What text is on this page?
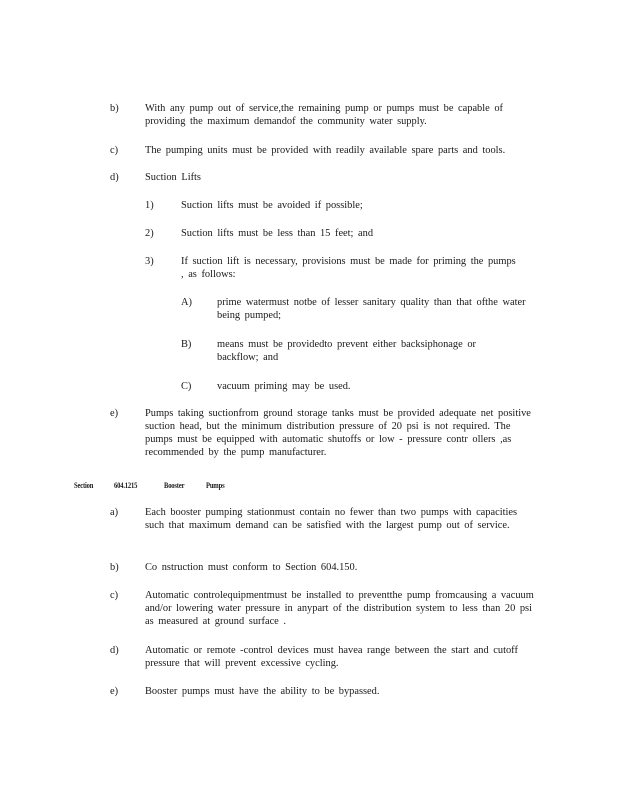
b)	With any pump out of service,the remaining pump or pumps must be capable of providing the maximum demandof the community water supply.
c)	The pumping units must be provided with readily available spare parts and tools.
d)	Suction Lifts
1)	Suction lifts must be avoided if possible;
2)	Suction lifts must be less than 15 feet; and
3)	If suction lift is necessary, provisions must be made for priming the pumps , as follows:
A) prime watermust notbe of lesser sanitary quality than that ofthe water being pumped;
B) means must be providedto prevent either backsiphonage or backflow; and
C) vacuum priming may be used.
e)	Pumps taking suctionfrom ground storage tanks must be provided adequate net positive suction head, but the minimum distribution pressure of 20 psi is not required. The pumps must be equipped with automatic shutoffs or low - pressure contr ollers ,as recommended by the pump manufacturer.
Section 604.1215	Booster	Pumps
a)	Each booster pumping stationmust contain no fewer than two pumps with capacities such that maximum demand can be satisfied with the largest pump out of service.
b)	Co nstruction must conform to Section 604.150.
c)	Automatic controlequipmentmust be installed to preventthe pump fromcausing a vacuum and/or lowering water pressure in anypart of the distribution system to less than 20 psi as measured at ground surface .
d)	Automatic or remote -control devices must havea range between the start and cutoff pressure that will prevent excessive cycling.
e)	Booster pumps must have the ability to be bypassed.
